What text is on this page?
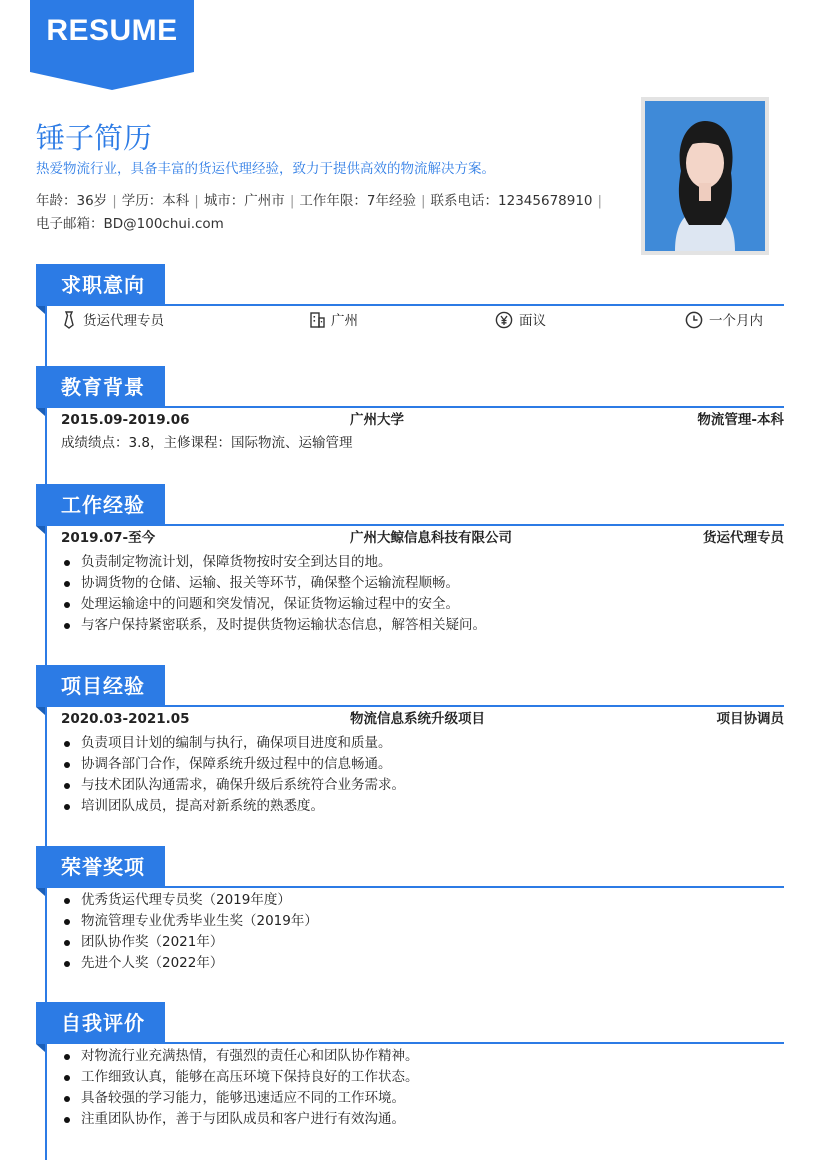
RESUME
锤子简历
热爱物流行业，具备丰富的货运代理经验，致力于提供高效的物流解决方案。
年龄：36岁 | 学历：本科 | 城市：广州市 | 工作年限：7年经验 | 联系电话：12345678910 |
电子邮箱：BD@100chui.com
求职意向
货运代理专员	广州	面议	一个月内
教育背景
2015.09-2019.06	广州大学	物流管理-本科
成绩绩点：3.8，主修课程：国际物流、运输管理
工作经验
2019.07-至今	广州大鲸信息科技有限公司	货运代理专员
负责制定物流计划，保障货物按时安全到达目的地。
协调货物的仓储、运输、报关等环节，确保整个运输流程顺畅。
处理运输途中的问题和突发情况，保证货物运输过程中的安全。
与客户保持紧密联系，及时提供货物运输状态信息，解答相关疑问。
项目经验
2020.03-2021.05	物流信息系统升级项目	项目协调员
负责项目计划的编制与执行，确保项目进度和质量。
协调各部门合作，保障系统升级过程中的信息畅通。
与技术团队沟通需求，确保升级后系统符合业务需求。
培训团队成员，提高对新系统的熟悉度。
荣誉奖项
优秀货运代理专员奖（2019年度）
物流管理专业优秀毕业生奖（2019年）
团队协作奖（2021年）
先进个人奖（2022年）
自我评价
对物流行业充满热情，有强烈的责任心和团队协作精神。
工作细致认真，能够在高压环境下保持良好的工作状态。
具备较强的学习能力，能够迅速适应不同的工作环境。
注重团队协作，善于与团队成员和客户进行有效沟通。
